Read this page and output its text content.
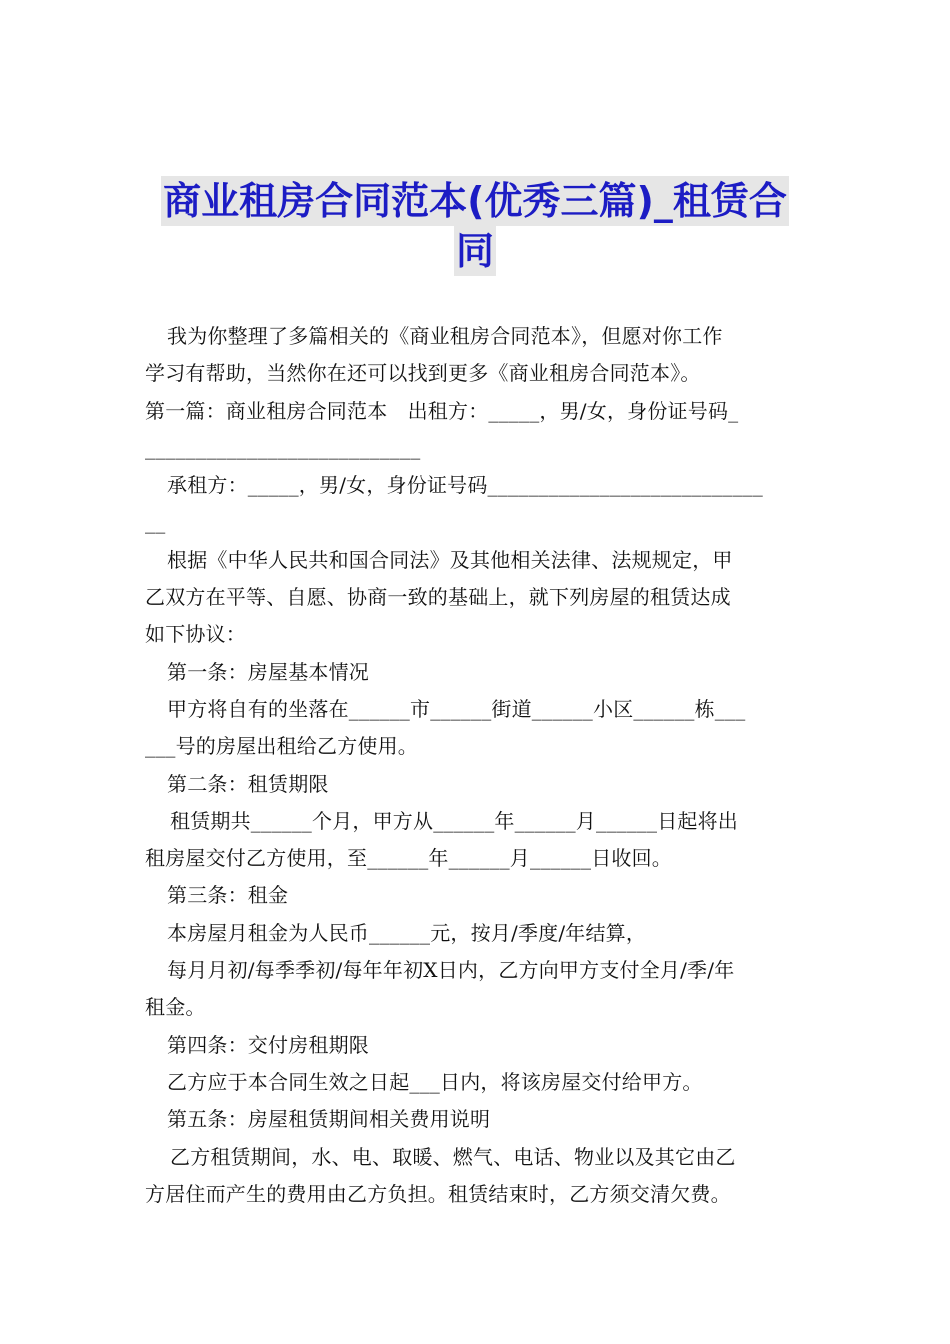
商业租房合同范本(优秀三篇)_租赁合
同
我为你整理了多篇相关的《商业租房合同范本》，但愿对你工作
学习有帮助，当然你在还可以找到更多《商业租房合同范本》。
第一篇：商业租房合同范本　出租方：_____，男/女，身份证号码_
___________________________
承租方：_____，男/女，身份证号码___________________________
__
根据《中华人民共和国合同法》及其他相关法律、法规规定，甲
乙双方在平等、自愿、协商一致的基础上，就下列房屋的租赁达成
如下协议：
第一条：房屋基本情况
甲方将自有的坐落在______市______街道______小区______栋___
___号的房屋出租给乙方使用。
第二条：租赁期限
租赁期共______个月，甲方从______年______月______日起将出
租房屋交付乙方使用，至______年______月______日收回。
第三条：租金
本房屋月租金为人民币______元，按月/季度/年结算，
每月月初/每季季初/每年年初X日内，乙方向甲方支付全月/季/年
租金。
第四条：交付房租期限
乙方应于本合同生效之日起___日内，将该房屋交付给甲方。
第五条：房屋租赁期间相关费用说明
乙方租赁期间，水、电、取暖、燃气、电话、物业以及其它由乙
方居住而产生的费用由乙方负担。租赁结束时，乙方须交清欠费。
